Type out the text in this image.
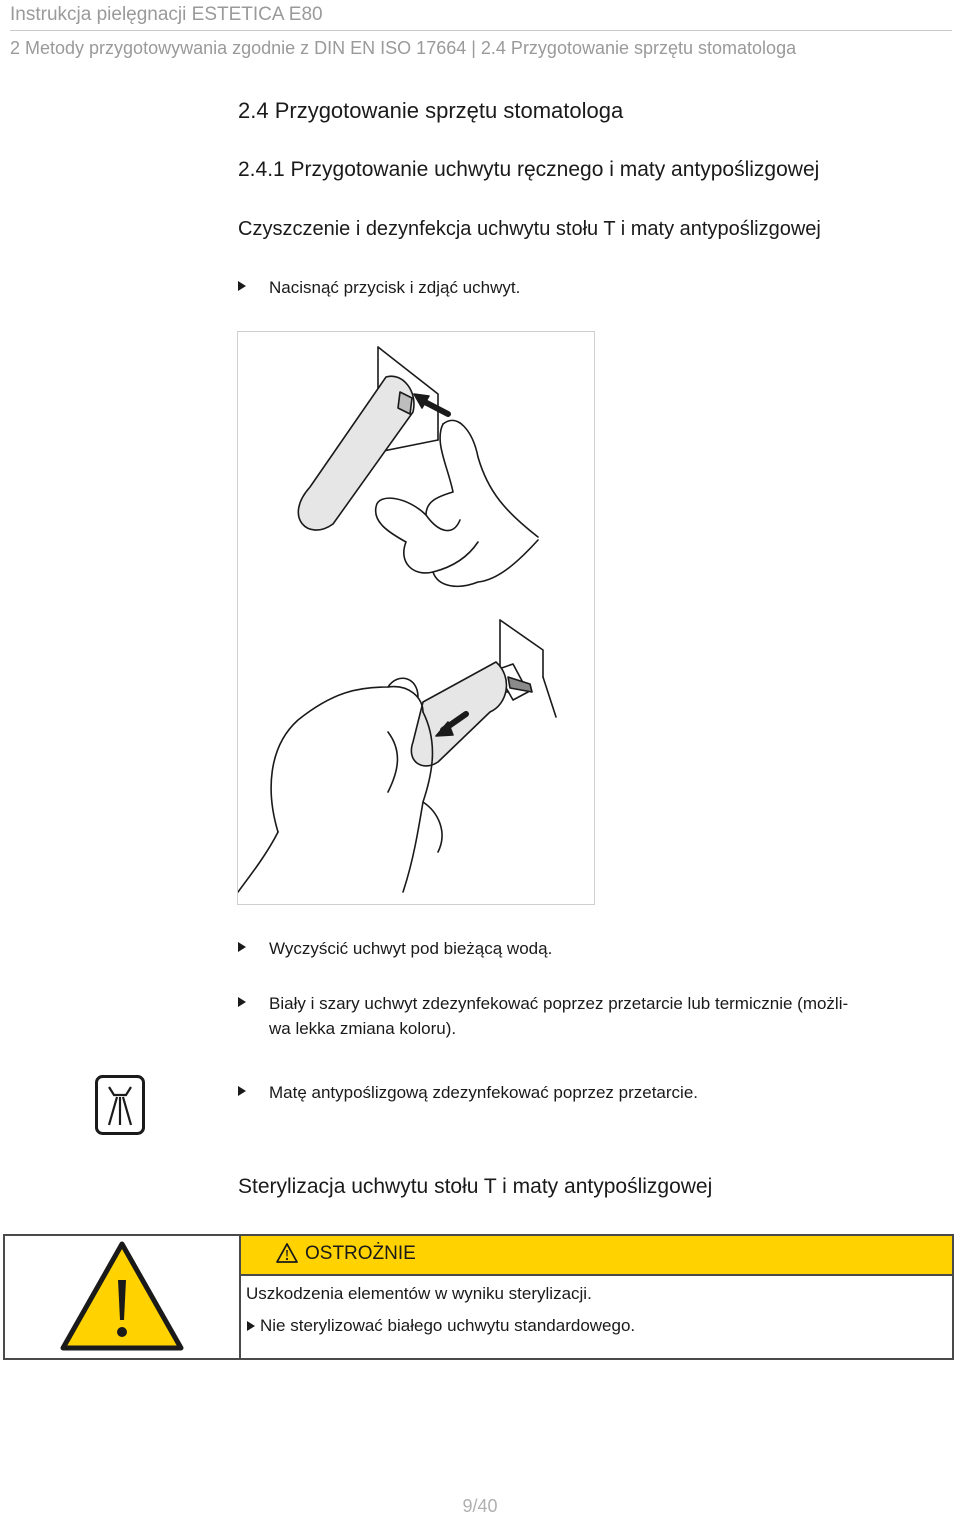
Instrukcja pielęgnacji ESTETICA E80
2 Metody przygotowywania zgodnie z DIN EN ISO 17664 | 2.4 Przygotowanie sprzętu stomatologa
2.4 Przygotowanie sprzętu stomatologa
2.4.1 Przygotowanie uchwytu ręcznego i maty antypoślizgowej
Czyszczenie i dezynfekcja uchwytu stołu T i maty antypoślizgowej
Nacisnąć przycisk i zdjąć uchwyt.
Wyczyścić uchwyt pod bieżącą wodą.
Biały i szary uchwyt zdezynfekować poprzez przetarcie lub termicznie (możli-
wa lekka zmiana koloru).
Matę antypoślizgową zdezynfekować poprzez przetarcie.
Sterylizacja uchwytu stołu T i maty antypoślizgowej
OSTROŻNIE
Uszkodzenia elementów w wyniku sterylizacji.
Nie sterylizować białego uchwytu standardowego.
9/40
